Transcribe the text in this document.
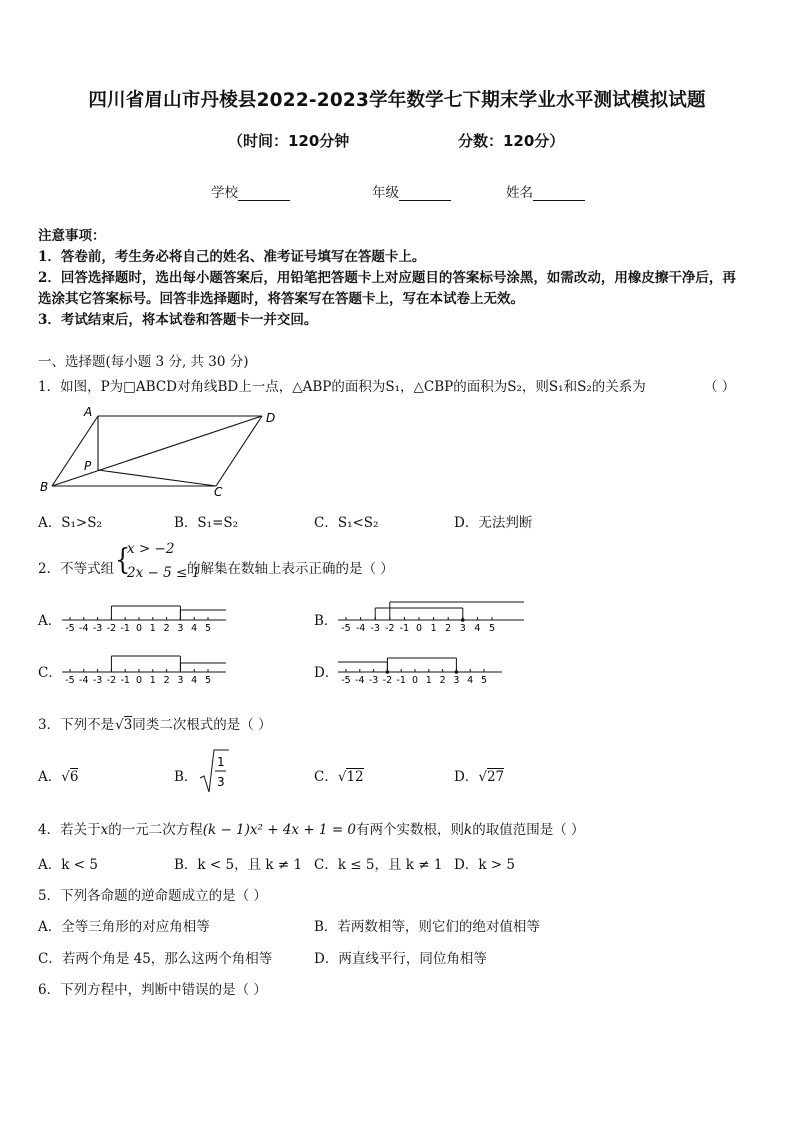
四川省眉山市丹棱县2022-2023学年数学七下期末学业水平测试模拟试题
（时间：120分钟	分数：120分）
学校	年级	姓名
注意事项：
1．答卷前，考生务必将自己的姓名、准考证号填写在答题卡上。
2．回答选择题时，选出每小题答案后，用铅笔把答题卡上对应题目的答案标号涂黑，如需改动，用橡皮擦干净后，再
选涂其它答案标号。回答非选择题时，将答案写在答题卡上，写在本试卷上无效。
3．考试结束后，将本试卷和答题卡一并交回。
一、选择题(每小题 3 分, 共 30 分)
1．如图，P为□ABCD对角线BD上一点，△ABP的面积为S₁，△CBP的面积为S₂，则S₁和S₂的关系为	（ ）
A	D
P
B	C
A．S₁>S₂	B．S₁=S₂	C．S₁<S₂	D．无法判断
2．不等式组 {
x > −2
2x − 5 ≤ 1
的解集在数轴上表示正确的是（ ）
A．	B．
C．	D．
-5 -4 -3 -2 -1 0 1 2 3 4 5	-5 -4 -3 -2 -1 0 1 2 3 4 5
-5 -4 -3 -2 -1 0 1 2 3 4 5	-5 -4 -3 -2 -1 0 1 2 3 4 5
3．下列不是√3同类二次根式的是（ ）
A．√6	B．
1
3	C．√12	D．√27
4．若关于x的一元二次方程(k − 1)x² + 4x + 1 = 0有两个实数根，则k的取值范围是（ ）
A．k < 5	B．k < 5，且 k ≠ 1 C．k ≤ 5，且 k ≠ 1 D．k > 5
5．下列各命题的逆命题成立的是（ ）
A．全等三角形的对应角相等	B．若两数相等，则它们的绝对值相等
C．若两个角是 45，那么这两个角相等	D．两直线平行，同位角相等
6．下列方程中，判断中错误的是（ ）
